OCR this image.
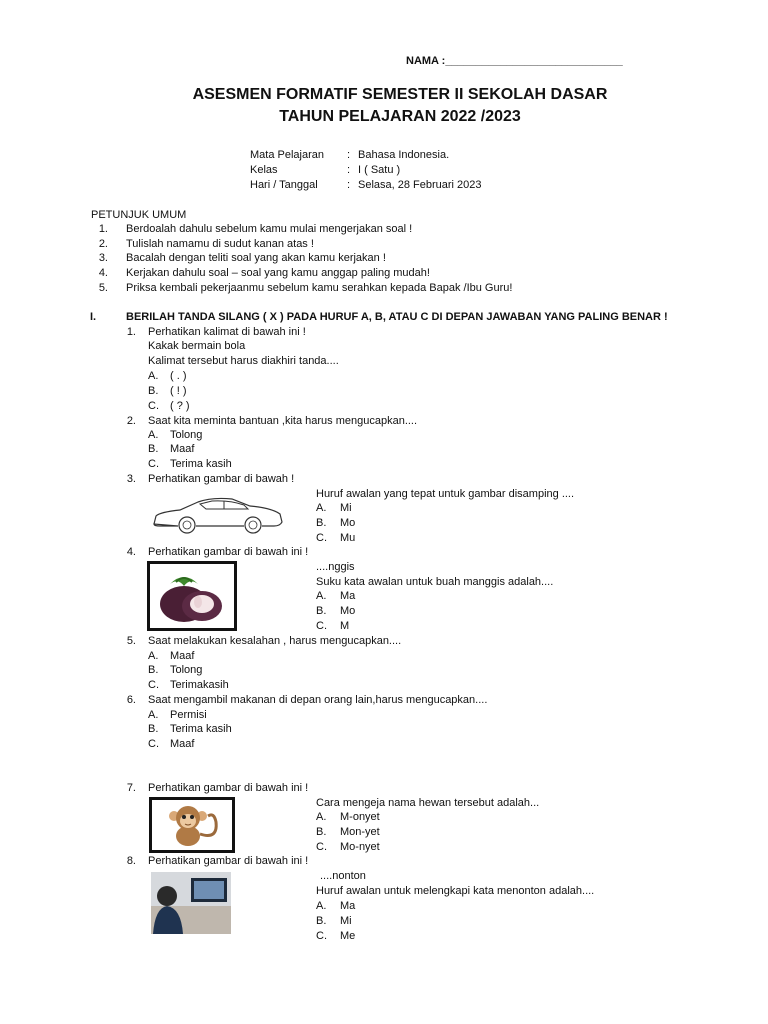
NAMA :_____________________________
ASESMEN FORMATIF SEMESTER II SEKOLAH DASAR
TAHUN PELAJARAN 2022 /2023
Mata Pelajaran : Bahasa Indonesia.
Kelas	: I ( Satu )
Hari / Tanggal	: Selasa, 28 Februari 2023
PETUNJUK UMUM
1. Berdoalah dahulu sebelum kamu mulai mengerjakan soal !
2. Tulislah namamu di sudut kanan atas !
3. Bacalah dengan teliti soal yang akan kamu kerjakan !
4. Kerjakan dahulu soal – soal yang kamu anggap paling mudah!
5. Priksa kembali pekerjaanmu sebelum kamu serahkan kepada Bapak /Ibu Guru!
I.	BERILAH TANDA SILANG ( X ) PADA HURUF A, B, ATAU C DI DEPAN JAWABAN YANG PALING BENAR !
1. Perhatikan kalimat di bawah ini !
Kakak bermain bola
Kalimat tersebut harus diakhiri tanda....
A. ( . )
B. ( ! )
C. ( ? )
2. Saat kita meminta bantuan ,kita harus mengucapkan....
A. Tolong
B. Maaf
C. Terima kasih
3. Perhatikan gambar di bawah !
Huruf awalan yang tepat untuk gambar disamping ....
A. Mi
B. Mo
C. Mu
4. Perhatikan gambar di bawah ini !
....nggis
Suku kata awalan untuk buah manggis adalah....
A. Ma
B. Mo
C. M
5. Saat melakukan kesalahan , harus mengucapkan....
A. Maaf
B. Tolong
C. Terimakasih
6. Saat mengambil makanan di depan orang lain,harus mengucapkan....
A. Permisi
B. Terima kasih
C. Maaf
7. Perhatikan gambar di bawah ini !
Cara mengeja nama hewan tersebut adalah...
A. M-onyet
B. Mon-yet
C. Mo-nyet
8. Perhatikan gambar di bawah ini !
....nonton
Huruf awalan untuk melengkapi kata menonton adalah....
A. Ma
B. Mi
C. Me
